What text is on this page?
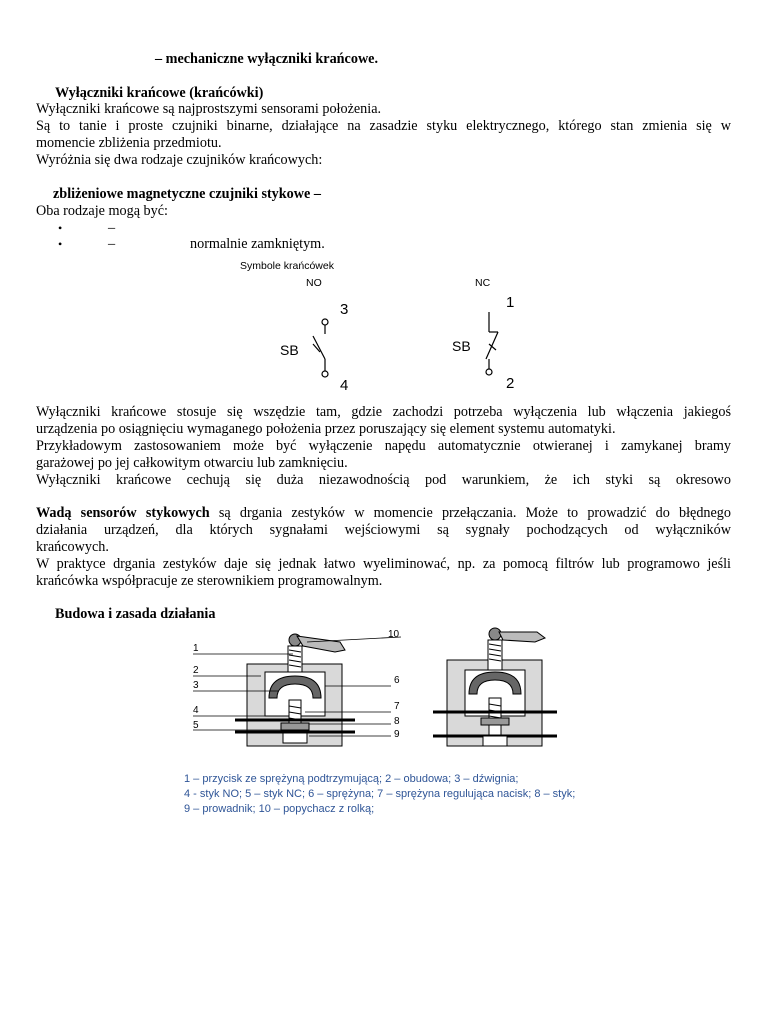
– mechaniczne wyłączniki krańcowe.
Wyłączniki krańcowe (krańcówki)
Wyłączniki krańcowe są najprostszymi sensorami położenia.
Są to tanie i proste czujniki binarne, działające na zasadzie styku elektrycznego, którego stan zmienia się w
momencie zbliżenia przedmiotu.
Wyróżnia się dwa rodzaje czujników krańcowych:
zbliżeniowe magnetyczne czujniki stykowe –
Oba rodzaje mogą być:
•	–
•	–	normalnie zamkniętym.
Symbole krańcówek
NO	NC
3
4
SB
1
2
SB
Wyłączniki krańcowe stosuje się wszędzie tam, gdzie zachodzi potrzeba wyłączenia lub włączenia jakiegoś
urządzenia po osiągnięciu wymaganego położenia przez poruszający się element systemu automatyki.
Przykładowym zastosowaniem może być wyłączenie napędu automatycznie otwieranej i zamykanej bramy
garażowej po jej całkowitym otwarciu lub zamknięciu.
Wyłączniki krańcowe cechują się duża niezawodnością pod warunkiem, że ich styki są okresowo
Wadą sensorów stykowych są drgania zestyków w momencie przełączania. Może to prowadzić do błędnego
działania urządzeń, dla których sygnałami wejściowymi są sygnały pochodzących od wyłączników
krańcowych.
W praktyce drgania zestyków daje się jednak łatwo wyeliminować, np. za pomocą filtrów lub programowo jeśli
krańcówka współpracuje ze sterownikiem programowalnym.
Budowa i zasada działania
1
2
3
4
5
6
7
8
9
10
1 – przycisk ze sprężyną podtrzymującą; 2 – obudowa; 3 – dźwignia;
4 - styk NO; 5 – styk NC; 6 – sprężyna; 7 – sprężyna regulująca nacisk; 8 – styk;
9 – prowadnik; 10 – popychacz z rolką;
